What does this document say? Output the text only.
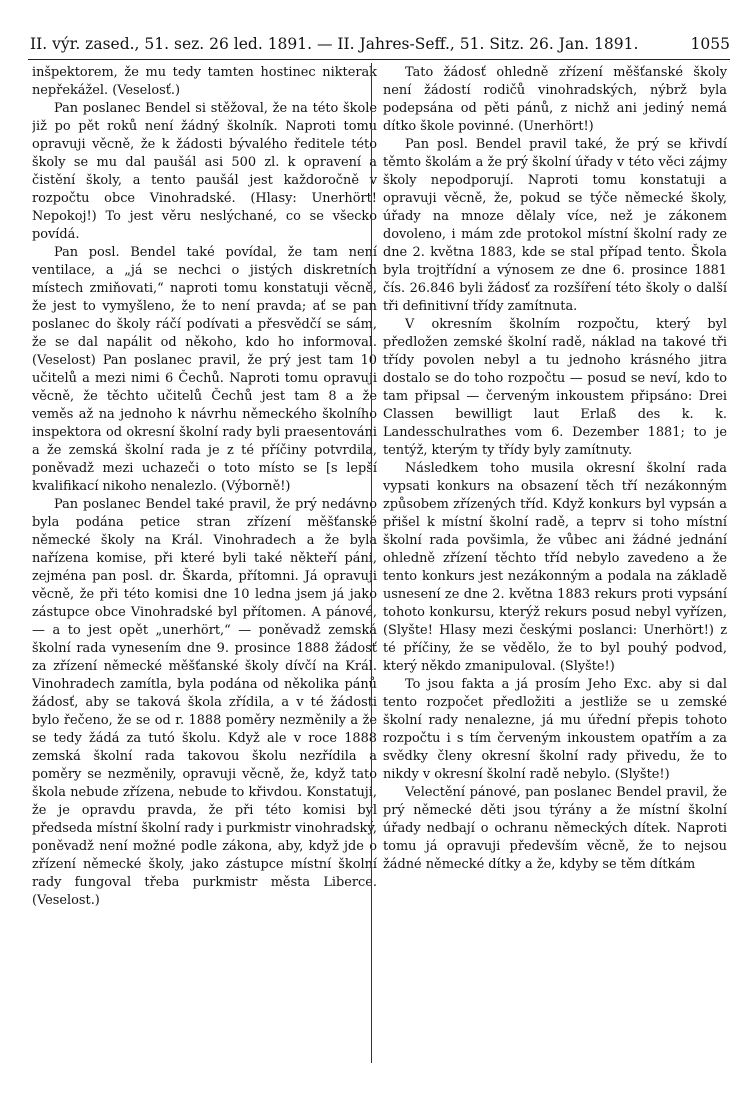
II. výr. zased., 51. sez. 26 led. 1891. — II. Jahres-Seff., 51. Sitz. 26. Jan. 1891.	1055

inšpektorem, že mu tedy tamten hostinec nikterak nepřekážel. (Veselosť.)

Pan poslanec Bendel si stěžoval, že na této škole již po pět roků není žádný školník. Naproti tomu opravuji věcně, že k žádosti bývalého ředitele této školy se mu dal paušál asi 500 zl. k opravení a čistění školy, a tento paušál jest každoročně v rozpočtu obce Vinohradské. (Hlasy: Unerhört! Nepokoj!) To jest věru neslýchané, co se všecko povídá.

Pan posl. Bendel také povídal, že tam není ventilace, a „já se nechci o jistých diskretních místech zmiňovati,“ naproti tomu konstatuji věcně, že jest to vymyšleno, že to není pravda; ať se pan poslanec do školy ráčí podívati a přesvědčí se sám, že se dal napálit od někoho, kdo ho informoval. (Veselost) Pan poslanec pravil, že prý jest tam 10 učitelů a mezi nimi 6 Čechů. Naproti tomu opravuji věcně, že těchto učitelů Čechů jest tam 8 a že veměs až na jednoho k návrhu německého školního inspektora od okresní školní rady byli praesentováni a že zemská školní rada je z té příčiny potvrdila, poněvadž mezi uchazeči o toto místo se [s lepší kvalifikací nikoho nenalezlo. (Výborně!)

Pan poslanec Bendel také pravil, že prý nedávno byla podána petice stran zřízení měšťanské německé školy na Král. Vinohradech a že byla nařízena komise, při které byli také někteří páni, zejména pan posl. dr. Škarda, přítomni. Já opravuji věcně, že při této komisi dne 10 ledna jsem já jako zástupce obce Vinohradské byl přítomen. A pánové, — a to jest opět „unerhört,“ — poněvadž zemská školní rada vynesením dne 9. prosince 1888 žádosť za zřízení německé měšťanské školy dívčí na Král. Vinohradech zamítla, byla podána od několika pánů žádosť, aby se taková škola zřídila, a v té žádosti bylo řečeno, že se od r. 1888 poměry nezměnily a že se tedy žádá za tutó školu. Když ale v roce 1888 zemská školní rada takovou školu nezřídila a poměry se nezměnily, opravuji věcně, že, když tato škola nebude zřízena, nebude to křivdou. Konstatuji, že je opravdu pravda, že při této komisi byl předseda místní školní rady i purkmistr vinohradský, poněvadž není možné podle zákona, aby, když jde o zřízení německé školy, jako zástupce místní školní rady fungoval třeba purkmistr města Liberce. (Veselost.)

Tato žádosť ohledně zřízení měšťanské školy není žádostí rodičů vinohradských, nýbrž byla podepsána od pěti pánů, z nichž ani jediný nemá dítko škole povinné. (Unerhört!)

Pan posl. Bendel pravil také, že prý se křivdí těmto školám a že prý školní úřady v této věci zájmy školy nepodporují. Naproti tomu konstatuji a opravuji věcně, že, pokud se týče německé školy, úřady na mnoze dělaly více, než je zákonem dovoleno, i mám zde protokol místní školní rady ze dne 2. května 1883, kde se stal případ tento. Škola byla trojtřídní a výnosem ze dne 6. prosince 1881 čís. 26.846 byli žádosť za rozšíření této školy o další tři definitivní třídy zamítnuta.

V okresním školním rozpočtu, který byl předložen zemské školní radě, náklad na takové tři třídy povolen nebyl a tu jednoho krásného jitra dostalo se do toho rozpočtu — posud se neví, kdo to tam připsal — červeným inkoustem připsáno: Drei Classen bewilligt laut Erlaß des k. k. Landesschulrathes vom 6. Dezember 1881; to je tentýž, kterým ty třídy byly zamítnuty.

Následkem toho musila okresní školní rada vypsati konkurs na obsazení těch tří nezákonným způsobem zřízených tříd. Když konkurs byl vypsán a přišel k místní školní radě, a teprv si toho místní školní rada povšimla, že vůbec ani žádné jednání ohledně zřízení těchto tříd nebylo zavedeno a že tento konkurs jest nezákonným a podala na základě usnesení ze dne 2. května 1883 rekurs proti vypsání tohoto konkursu, kterýž rekurs posud nebyl vyřízen, (Slyšte! Hlasy mezi českými poslanci: Unerhört!) z té příčiny, že se vědělo, že to byl pouhý podvod, který někdo zmanipuloval. (Slyšte!)

To jsou fakta a já prosím Jeho Exc. aby si dal tento rozpočet předložiti a jestliže se u zemské školní rady nenalezne, já mu úřední přepis tohoto rozpočtu i s tím červeným inkoustem opatřím a za svědky členy okresní školní rady přivedu, že to nikdy v okresní školní radě nebylo. (Slyšte!)

Velectění pánové, pan poslanec Bendel pravil, že prý německé děti jsou týrány a že místní školní úřady nedbají o ochranu německých dítek. Naproti tomu já opravuji především věcně, že to nejsou žádné německé dítky a že, kdyby se těm dítkám
